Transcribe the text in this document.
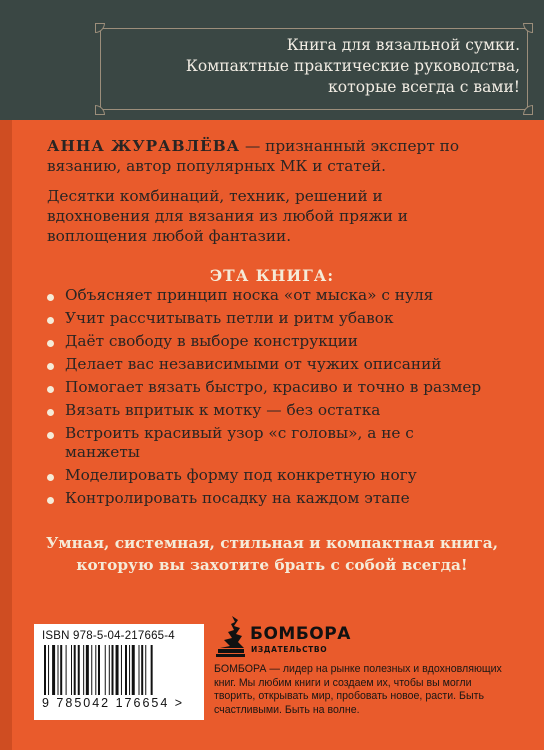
Книга для вязальной сумки.
Компактные практические руководства,
которые всегда с вами!

АННА ЖУРАВЛЁВА — признанный эксперт по вязанию, автор популярных МК и статей.

Десятки комбинаций, техник, решений и вдохновения для вязания из любой пряжи и воплощения любой фантазии.

ЭТА КНИГА:
Объясняет принцип носка «от мыска» с нуля
Учит рассчитывать петли и ритм убавок
Даёт свободу в выборе конструкции
Делает вас независимыми от чужих описаний
Помогает вязать быстро, красиво и точно в размер
Вязать впритык к мотку — без остатка
Встроить красивый узор «с головы», а не с манжеты
Моделировать форму под конкретную ногу
Контролировать посадку на каждом этапе
Умная, системная, стильная и компактная книга,
которую вы захотите брать с собой всегда!
ISBN 978-5-04-217665-4
9 785042 176654 >
БОМБОРА
ИЗДАТЕЛЬСТВО
БОМБОРА — лидер на рынке полезных и вдохновляющих книг. Мы любим книги и создаем их, чтобы вы могли творить, открывать мир, пробовать новое, расти. Быть счастливыми. Быть на волне.
